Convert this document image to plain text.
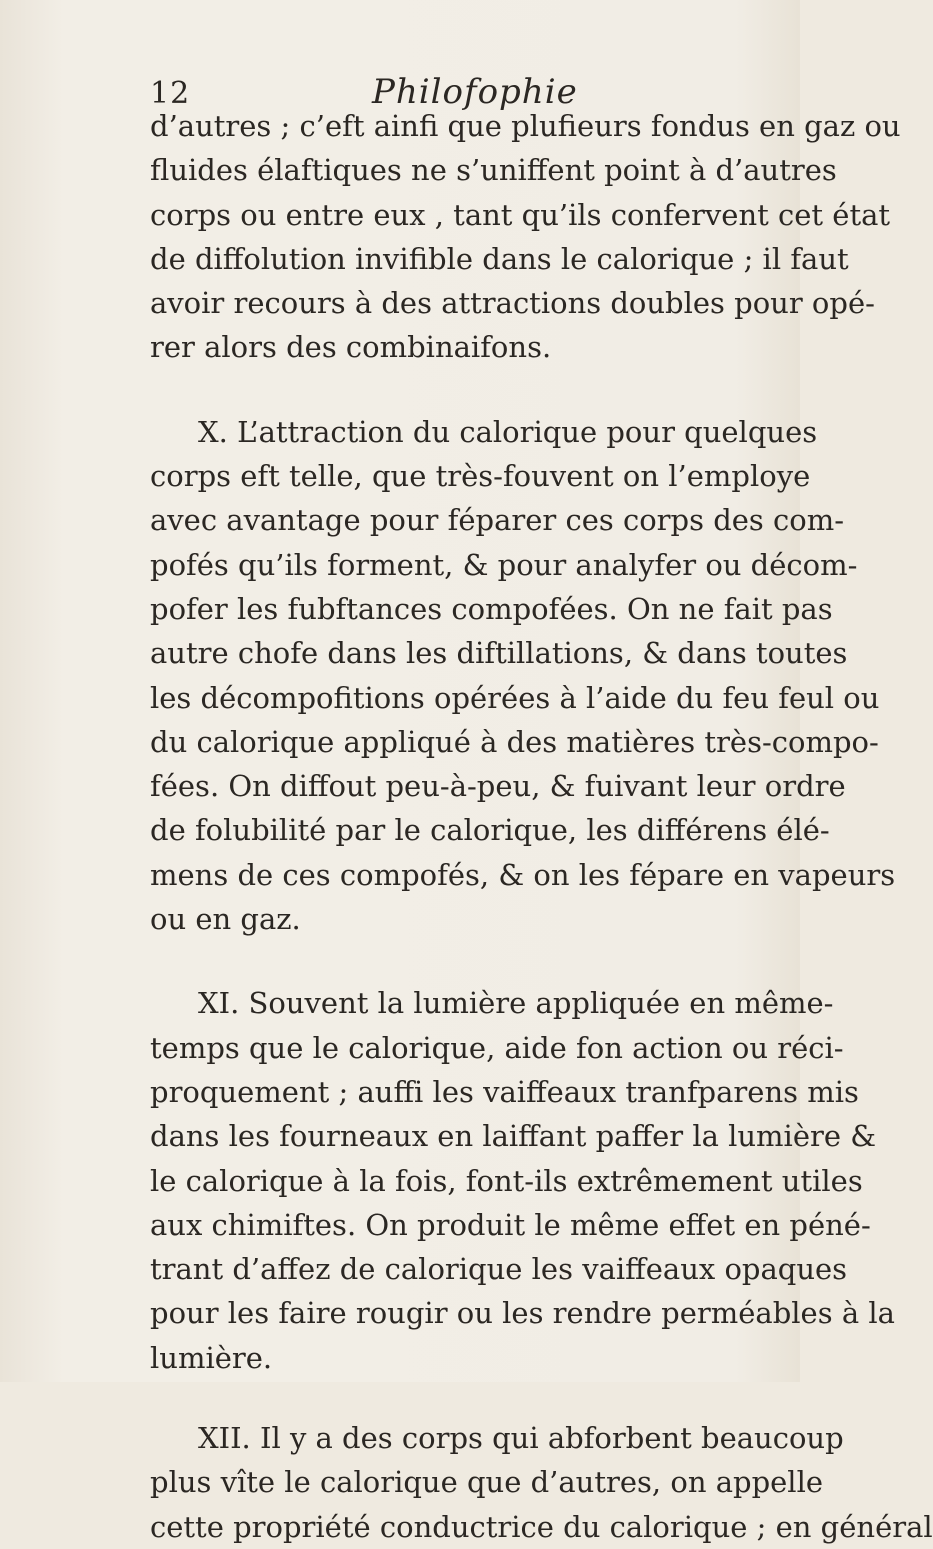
12	Philofophie
d’autres ; c’eft ainfi que plufieurs fondus en gaz ou
fluides élaftiques ne s’uniffent point à d’autres
corps ou entre eux , tant qu’ils confervent cet état
de diffolution invifible dans le calorique ; il faut
avoir recours à des attractions doubles pour opé-
rer alors des combinaifons.
X. L’attraction du calorique pour quelques
corps eft telle, que très-fouvent on l’employe
avec avantage pour féparer ces corps des com-
pofés qu’ils forment, & pour analyfer ou décom-
pofer les fubftances compofées. On ne fait pas
autre chofe dans les diftillations, & dans toutes
les décompofitions opérées à l’aide du feu feul ou
du calorique appliqué à des matières très-compo-
fées. On diffout peu-à-peu, & fuivant leur ordre
de folubilité par le calorique, les différens élé-
mens de ces compofés, & on les fépare en vapeurs
ou en gaz.
XI. Souvent la lumière appliquée en même-
temps que le calorique, aide fon action ou réci-
proquement ; auffi les vaiffeaux tranfparens mis
dans les fourneaux en laiffant paffer la lumière &
le calorique à la fois, font-ils extrêmement utiles
aux chimiftes. On produit le même effet en péné-
trant d’affez de calorique les vaiffeaux opaques
pour les faire rougir ou les rendre perméables à la
lumière.
XII. Il y a des corps qui abforbent beaucoup
plus vîte le calorique que d’autres, on appelle
cette propriété conductrice du calorique ; en général
